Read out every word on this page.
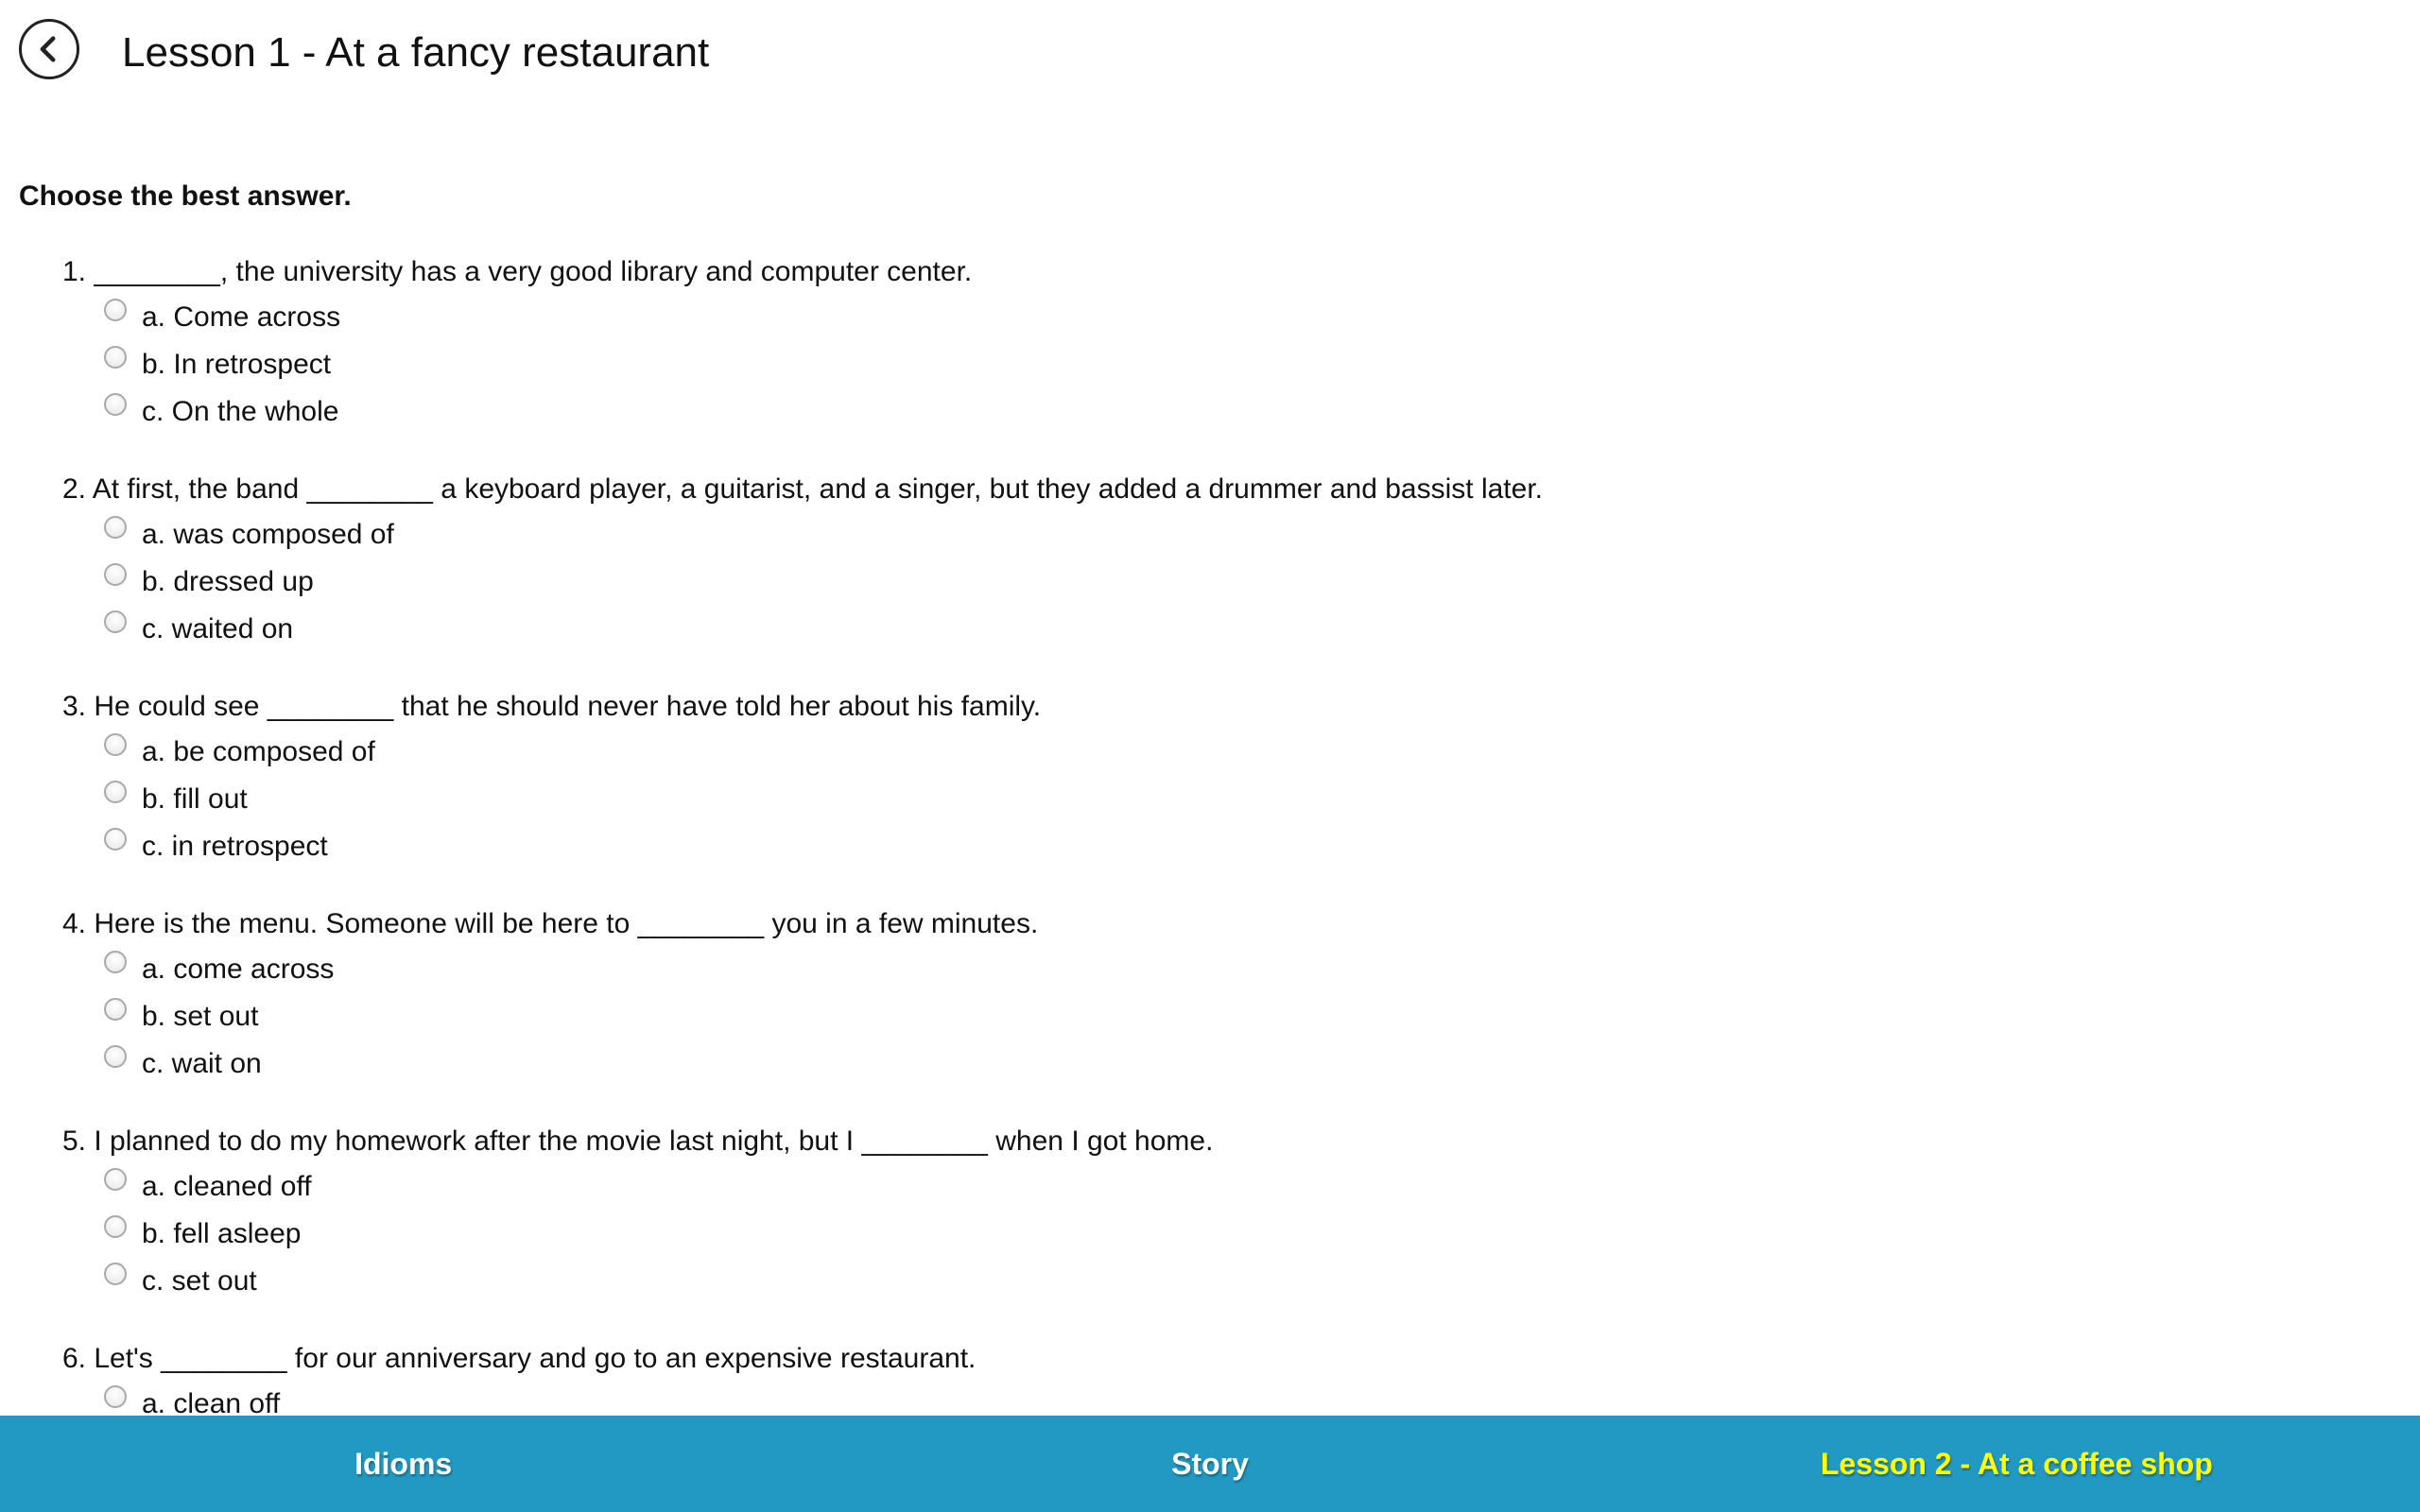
Lesson 1 - At a fancy restaurant
Choose the best answer.
1. ________, the university has a very good library and computer center.
a. Come across
b. In retrospect
c. On the whole
2. At first, the band ________ a keyboard player, a guitarist, and a singer, but they added a drummer and bassist later.
a. was composed of
b. dressed up
c. waited on
3. He could see ________ that he should never have told her about his family.
a. be composed of
b. fill out
c. in retrospect
4. Here is the menu. Someone will be here to ________ you in a few minutes.
a. come across
b. set out
c. wait on
5. I planned to do my homework after the movie last night, but I ________ when I got home.
a. cleaned off
b. fell asleep
c. set out
6. Let's ________ for our anniversary and go to an expensive restaurant.
a. clean off
Idioms	Story	Lesson 2 - At a coffee shop
